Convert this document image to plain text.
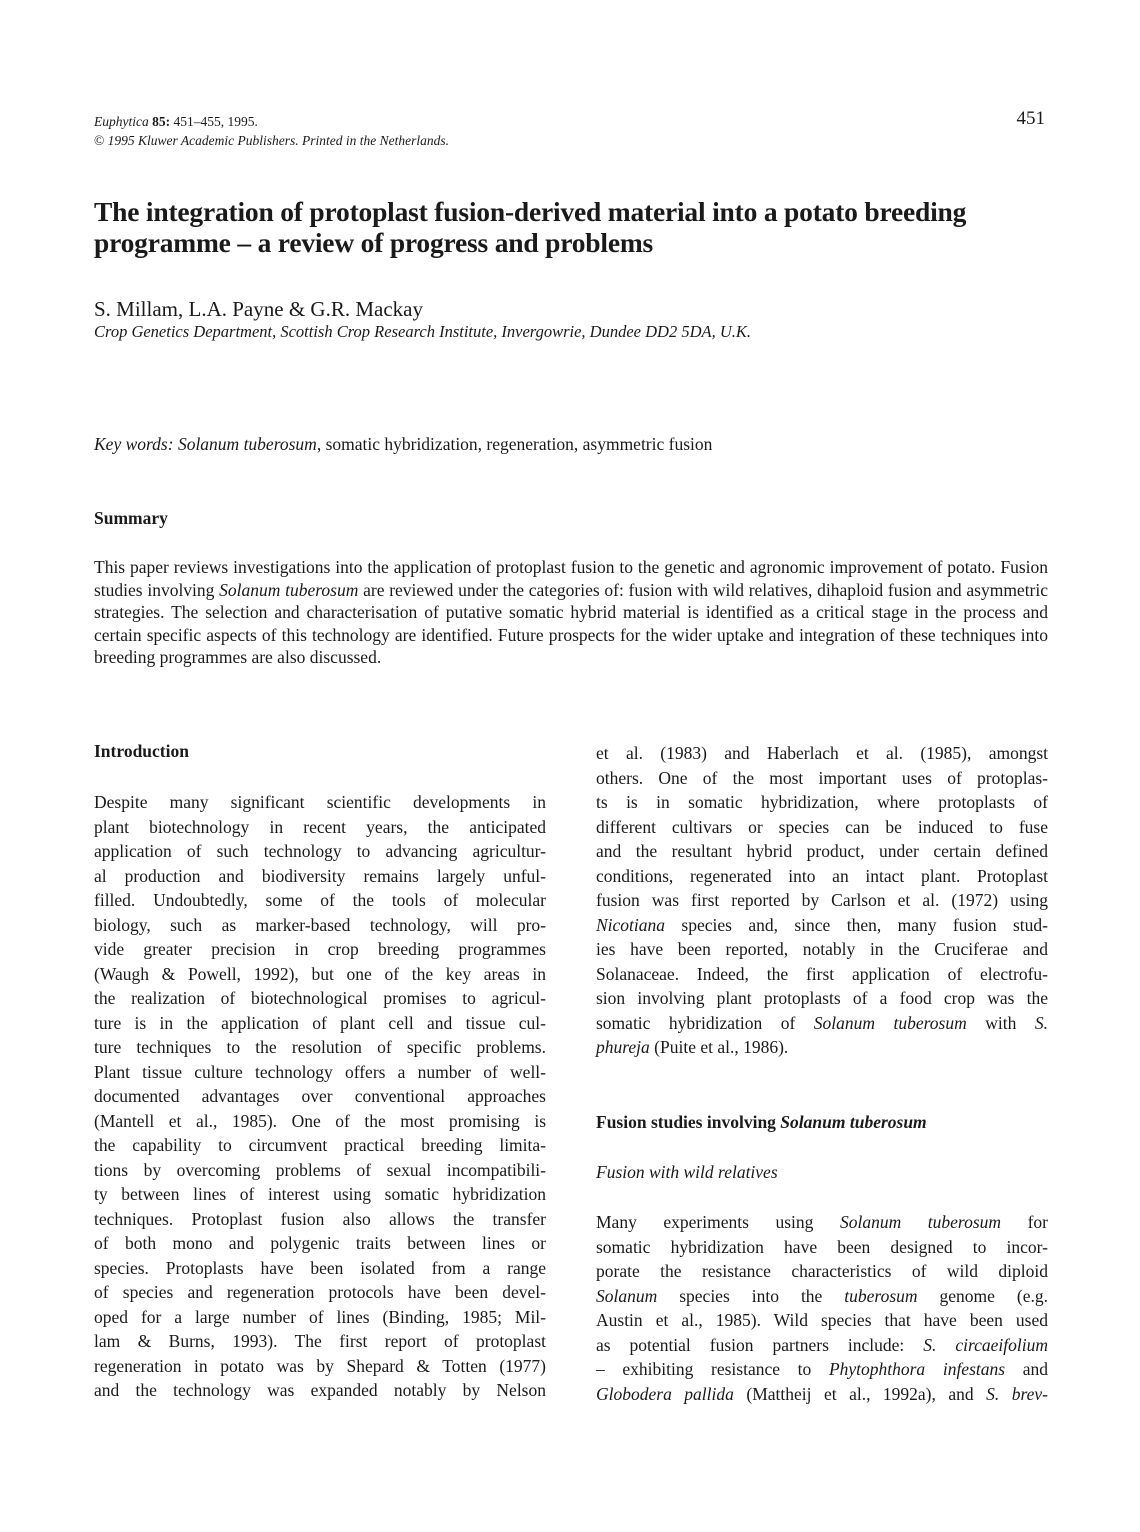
Euphytica 85: 451–455, 1995.
© 1995 Kluwer Academic Publishers. Printed in the Netherlands.
451
The integration of protoplast fusion-derived material into a potato breeding
programme – a review of progress and problems
S. Millam, L.A. Payne & G.R. Mackay
Crop Genetics Department, Scottish Crop Research Institute, Invergowrie, Dundee DD2 5DA, U.K.
Key words: Solanum tuberosum, somatic hybridization, regeneration, asymmetric fusion
Summary
This paper reviews investigations into the application of protoplast fusion to the genetic and agronomic improvement of potato. Fusion studies involving Solanum tuberosum are reviewed under the categories of: fusion with wild relatives, dihaploid fusion and asymmetric strategies. The selection and characterisation of putative somatic hybrid material is identified as a critical stage in the process and certain specific aspects of this technology are identified. Future prospects for the wider uptake and integration of these techniques into breeding programmes are also discussed.
Introduction
Despite many significant scientific developments in
plant biotechnology in recent years, the anticipated
application of such technology to advancing agricultur-
al production and biodiversity remains largely unful-
filled. Undoubtedly, some of the tools of molecular
biology, such as marker-based technology, will pro-
vide greater precision in crop breeding programmes
(Waugh & Powell, 1992), but one of the key areas in
the realization of biotechnological promises to agricul-
ture is in the application of plant cell and tissue cul-
ture techniques to the resolution of specific problems.
Plant tissue culture technology offers a number of well-
documented advantages over conventional approaches
(Mantell et al., 1985). One of the most promising is
the capability to circumvent practical breeding limita-
tions by overcoming problems of sexual incompatibili-
ty between lines of interest using somatic hybridization
techniques. Protoplast fusion also allows the transfer
of both mono and polygenic traits between lines or
species. Protoplasts have been isolated from a range
of species and regeneration protocols have been devel-
oped for a large number of lines (Binding, 1985; Mil-
lam & Burns, 1993). The first report of protoplast
regeneration in potato was by Shepard & Totten (1977)
and the technology was expanded notably by Nelson
et al. (1983) and Haberlach et al. (1985), amongst
others. One of the most important uses of protoplas-
ts is in somatic hybridization, where protoplasts of
different cultivars or species can be induced to fuse
and the resultant hybrid product, under certain defined
conditions, regenerated into an intact plant. Protoplast
fusion was first reported by Carlson et al. (1972) using
Nicotiana species and, since then, many fusion stud-
ies have been reported, notably in the Cruciferae and
Solanaceae. Indeed, the first application of electrofu-
sion involving plant protoplasts of a food crop was the
somatic hybridization of Solanum tuberosum with S.
phureja (Puite et al., 1986).
Fusion studies involving Solanum tuberosum
Fusion with wild relatives
Many experiments using Solanum tuberosum for
somatic hybridization have been designed to incor-
porate the resistance characteristics of wild diploid
Solanum species into the tuberosum genome (e.g.
Austin et al., 1985). Wild species that have been used
as potential fusion partners include: S. circaeifolium
– exhibiting resistance to Phytophthora infestans and
Globodera pallida (Mattheij et al., 1992a), and S. brev-
